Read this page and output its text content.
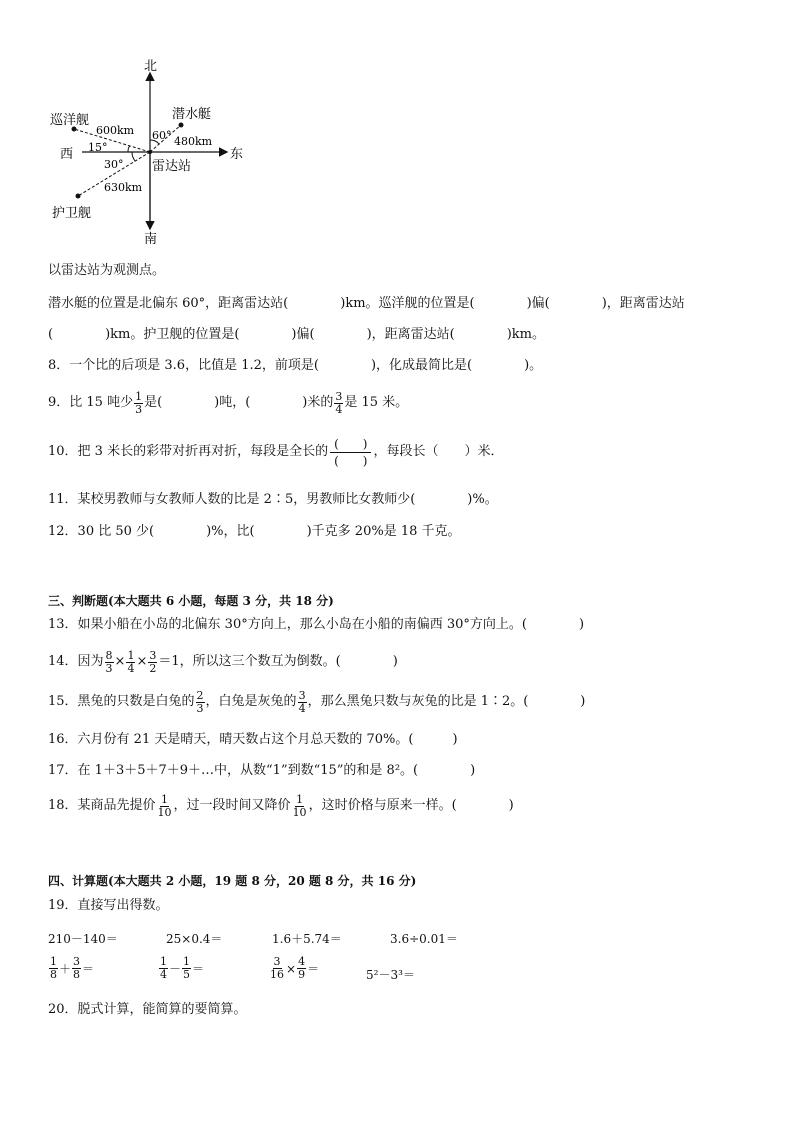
北
南
东
西
潜水艇
巡洋舰
护卫舰
雷达站
600km
480km
630km
60°
15°
30°
以雷达站为观测点。
潜水艇的位置是北偏东 60°，距离雷达站(　　　　)km。巡洋舰的位置是(　　　　)偏(　　　　)，距离雷达站
(　　　　)km。护卫舰的位置是(　　　　)偏(　　　　)，距离雷达站(　　　　)km。
8．一个比的后项是 3.6，比值是 1.2，前项是(　　　　)，化成最简比是(　　　　)。
9．比 15 吨少 $\frac{1}{3}$ 是(　　　　)吨，(　　　　)米的 $\frac{3}{4}$ 是 15 米。
10．把 3 米长的彩带对折再对折，每段是全长的 $\frac{( )}{( )}$ ，每段长（　　）米．
11．某校男教师与女教师人数的比是 2∶5，男教师比女教师少(　　　　)%。
12．30 比 50 少(　　　　)%，比(　　　　)千克多 20%是 18 千克。
三、判断题(本大题共 6 小题，每题 3 分，共 18 分)
13．如果小船在小岛的北偏东 30°方向上，那么小岛在小船的南偏西 30°方向上。(　　　　)
14．因为 $\frac{8}{3} \times \frac{1}{4} \times \frac{3}{2} =1$，所以这三个数互为倒数。(　　　　)
15．黑兔的只数是白兔的 $\frac{2}{3}$ ，白兔是灰兔的 $\frac{3}{4}$ ，那么黑兔只数与灰兔的比是 1∶2。(　　　　)
16．六月份有 21 天是晴天，晴天数占这个月总天数的 70%。(　　　)
17．在 1＋3＋5＋7＋9＋…中，从数“1”到数“15”的和是 8²。(　　　　)
18．某商品先提价 $\frac{1}{10}$ ，过一段时间又降价 $\frac{1}{10}$ ，这时价格与原来一样。(　　　　)
四、计算题(本大题共 2 小题，19 题 8 分，20 题 8 分，共 16 分)
19．直接写出得数。
210－140＝	25×0.4＝	1.6＋5.74＝	3.6÷0.01＝
$\frac{1}{8} + \frac{3}{8}$ ＝	$\frac{1}{4} - \frac{1}{5}$ ＝	$\frac{3}{16} \times \frac{4}{9}$ ＝	5²－3³＝
20．脱式计算，能简算的要简算。
